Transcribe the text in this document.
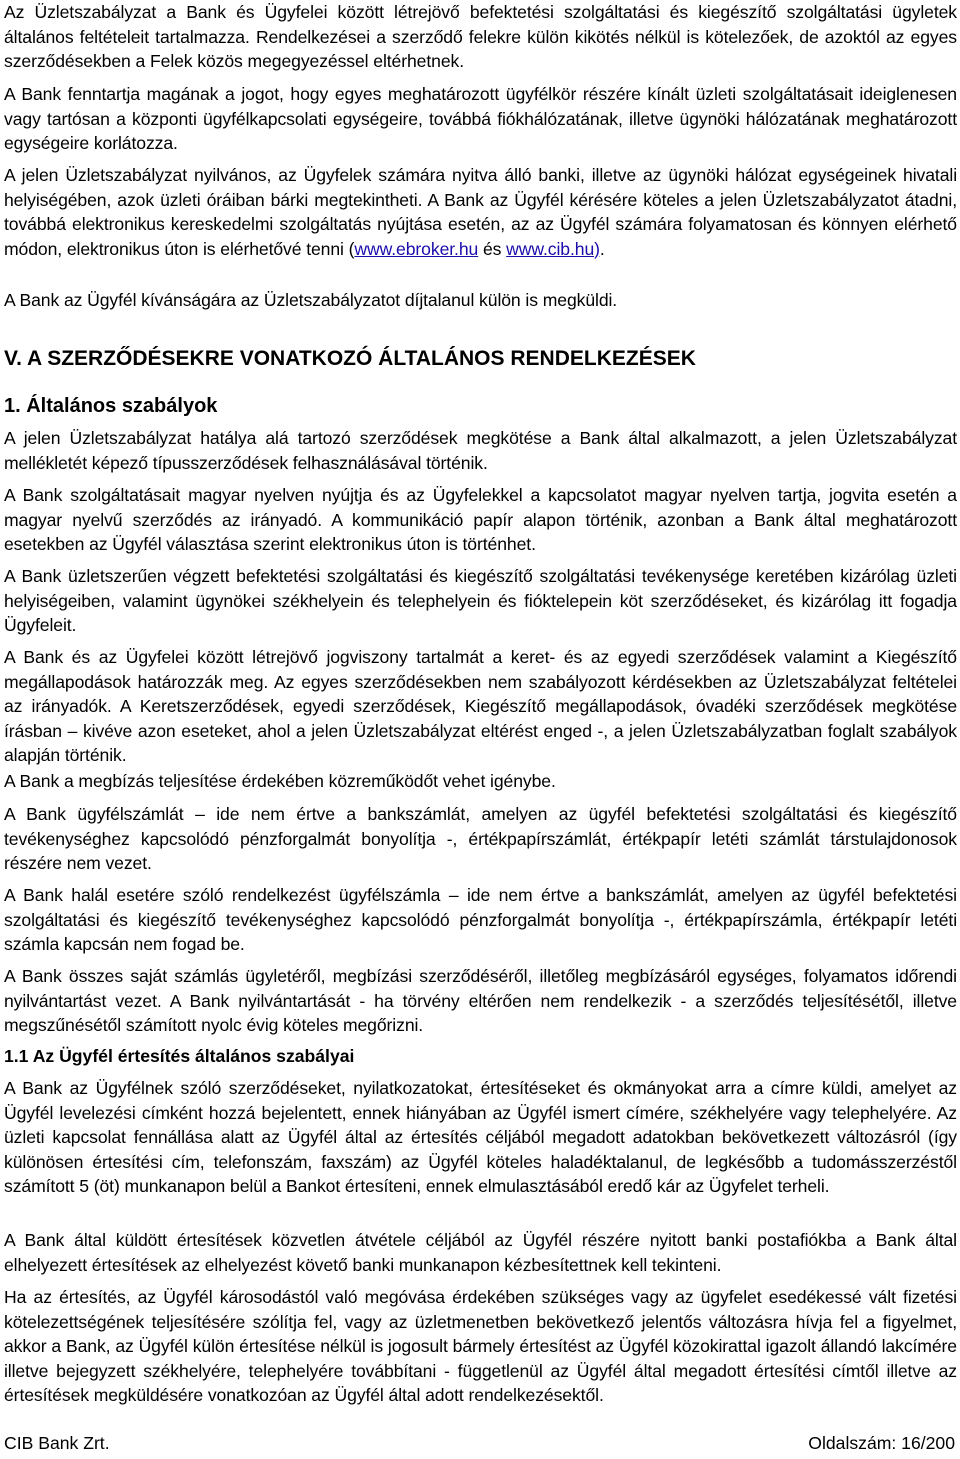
Az Üzletszabályzat a Bank és Ügyfelei között létrejövő befektetési szolgáltatási és kiegészítő szolgáltatási ügyletek általános feltételeit tartalmazza. Rendelkezései a szerződő felekre külön kikötés nélkül is kötelezőek, de azoktól az egyes szerződésekben a Felek közös megegyezéssel eltérhetnek.

A Bank fenntartja magának a jogot, hogy egyes meghatározott ügyfélkör részére kínált üzleti szolgáltatásait ideiglenesen vagy tartósan a központi ügyfélkapcsolati egységeire, továbbá fiókhálózatának, illetve ügynöki hálózatának meghatározott egységeire korlátozza.

A jelen Üzletszabályzat nyilvános, az Ügyfelek számára nyitva álló banki, illetve az ügynöki hálózat egységeinek hivatali helyiségében, azok üzleti óráiban bárki megtekintheti. A Bank az Ügyfél kérésére köteles a jelen Üzletszabályzatot átadni, továbbá elektronikus kereskedelmi szolgáltatás nyújtása esetén, az az Ügyfél számára folyamatosan és könnyen elérhető módon, elektronikus úton is elérhetővé tenni (www.ebroker.hu és www.cib.hu).

A Bank az Ügyfél kívánságára az Üzletszabályzatot díjtalanul külön is megküldi.

V. A SZERZŐDÉSEKRE VONATKOZÓ ÁLTALÁNOS RENDELKEZÉSEK
1. Általános szabályok

A jelen Üzletszabályzat hatálya alá tartozó szerződések megkötése a Bank által alkalmazott, a jelen Üzletszabályzat mellékletét képező típusszerződések felhasználásával történik.

A Bank szolgáltatásait magyar nyelven nyújtja és az Ügyfelekkel a kapcsolatot magyar nyelven tartja, jogvita esetén a magyar nyelvű szerződés az irányadó. A kommunikáció papír alapon történik, azonban a Bank által meghatározott esetekben az Ügyfél választása szerint elektronikus úton is történhet.

A Bank üzletszerűen végzett befektetési szolgáltatási és kiegészítő szolgáltatási tevékenysége keretében kizárólag üzleti helyiségeiben, valamint ügynökei székhelyein és telephelyein és fióktelepein köt szerződéseket, és kizárólag itt fogadja Ügyfeleit.

A Bank és az Ügyfelei között létrejövő jogviszony tartalmát a keret- és az egyedi szerződések valamint a Kiegészítő megállapodások határozzák meg. Az egyes szerződésekben nem szabályozott kérdésekben az Üzletszabályzat feltételei az irányadók. A Keretszerződések, egyedi szerződések, Kiegészítő megállapodások, óvadéki szerződések megkötése írásban – kivéve azon eseteket, ahol a jelen Üzletszabályzat eltérést enged -, a jelen Üzletszabályzatban foglalt szabályok alapján történik.

A Bank a megbízás teljesítése érdekében közreműködőt vehet igénybe.

A Bank ügyfélszámlát – ide nem értve a bankszámlát, amelyen az ügyfél befektetési szolgáltatási és kiegészítő tevékenységhez kapcsolódó pénzforgalmát bonyolítja -, értékpapírszámlát, értékpapír letéti számlát társtulajdonosok részére nem vezet.

A Bank halál esetére szóló rendelkezést ügyfélszámla – ide nem értve a bankszámlát, amelyen az ügyfél befektetési szolgáltatási és kiegészítő tevékenységhez kapcsolódó pénzforgalmát bonyolítja -, értékpapírszámla, értékpapír letéti számla kapcsán nem fogad be.

A Bank összes saját számlás ügyletéről, megbízási szerződéséről, illetőleg megbízásáról egységes, folyamatos időrendi nyilvántartást vezet. A Bank nyilvántartását - ha törvény eltérően nem rendelkezik - a szerződés teljesítésétől, illetve megszűnésétől számított nyolc évig köteles megőrizni.

1.1 Az Ügyfél értesítés általános szabályai

A Bank az Ügyfélnek szóló szerződéseket, nyilatkozatokat, értesítéseket és okmányokat arra a címre küldi, amelyet az Ügyfél levelezési címként hozzá bejelentett, ennek hiányában az Ügyfél ismert címére, székhelyére vagy telephelyére. Az üzleti kapcsolat fennállása alatt az Ügyfél által az értesítés céljából megadott adatokban bekövetkezett változásról (így különösen értesítési cím, telefonszám, faxszám) az Ügyfél köteles haladéktalanul, de legkésőbb a tudomásszerzéstől számított 5 (öt) munkanapon belül a Bankot értesíteni, ennek elmulasztásából eredő kár az Ügyfelet terheli.

A Bank által küldött értesítések közvetlen átvétele céljából az Ügyfél részére nyitott banki postafiókba a Bank által elhelyezett értesítések az elhelyezést követő banki munkanapon kézbesítettnek kell tekinteni.

Ha az értesítés, az Ügyfél károsodástól való megóvása érdekében szükséges vagy az ügyfelet esedékessé vált fizetési kötelezettségének teljesítésére szólítja fel, vagy az üzletmenetben bekövetkező jelentős változásra hívja fel a figyelmet, akkor a Bank, az Ügyfél külön értesítése nélkül is jogosult bármely értesítést az Ügyfél közokirattal igazolt állandó lakcímére illetve bejegyzett székhelyére, telephelyére továbbítani - függetlenül az Ügyfél által megadott értesítési címtől illetve az értesítések megküldésére vonatkozóan az Ügyfél által adott rendelkezésektől.

CIB Bank Zrt.	Oldalszám: 16/200
